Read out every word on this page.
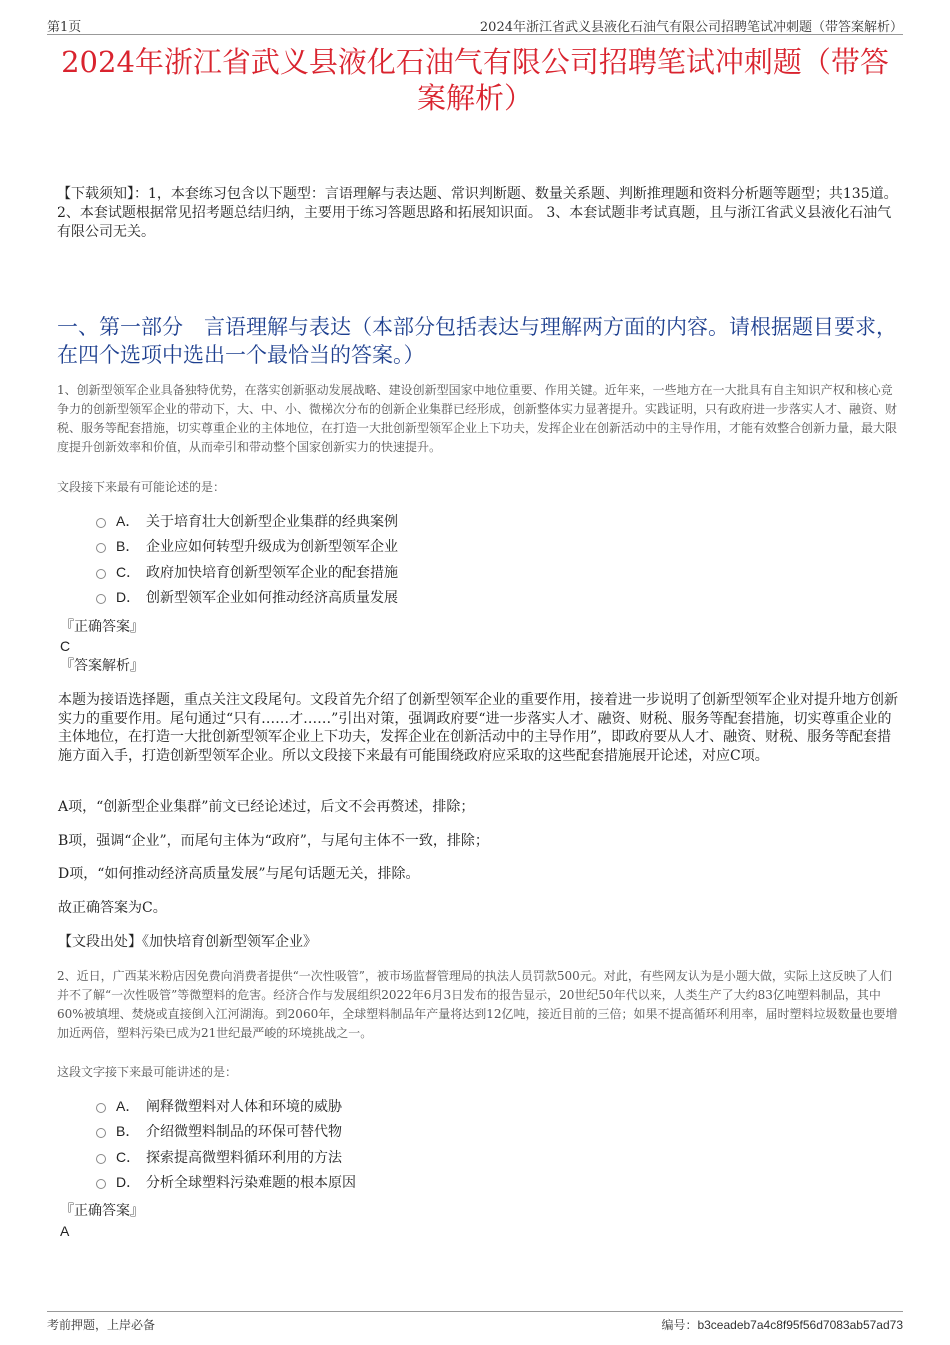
第1页	2024年浙江省武义县液化石油气有限公司招聘笔试冲刺题（带答案解析）
2024年浙江省武义县液化石油气有限公司招聘笔试冲刺题（带答案解析）
【下载须知】：1，本套练习包含以下题型：言语理解与表达题、常识判断题、数量关系题、判断推理题和资料分析题等题型；共135道。 2、本套试题根据常见招考题总结归纳，主要用于练习答题思路和拓展知识面。 3、本套试题非考试真题，且与浙江省武义县液化石油气有限公司无关。
一、第一部分　言语理解与表达（本部分包括表达与理解两方面的内容。请根据题目要求，在四个选项中选出一个最恰当的答案。）
1、创新型领军企业具备独特优势，在落实创新驱动发展战略、建设创新型国家中地位重要、作用关键。近年来，一些地方在一大批具有自主知识产权和核心竞争力的创新型领军企业的带动下，大、中、小、微梯次分布的创新企业集群已经形成，创新整体实力显著提升。实践证明，只有政府进一步落实人才、融资、财税、服务等配套措施，切实尊重企业的主体地位，在打造一大批创新型领军企业上下功夫，发挥企业在创新活动中的主导作用，才能有效整合创新力量，最大限度提升创新效率和价值，从而牵引和带动整个国家创新实力的快速提升。
文段接下来最有可能论述的是：
A． 关于培育壮大创新型企业集群的经典案例
B． 企业应如何转型升级成为创新型领军企业
C． 政府加快培育创新型领军企业的配套措施
D． 创新型领军企业如何推动经济高质量发展
『正确答案』
C
『答案解析』
本题为接语选择题，重点关注文段尾句。文段首先介绍了创新型领军企业的重要作用，接着进一步说明了创新型领军企业对提升地方创新实力的重要作用。尾句通过“只有……才……”引出对策，强调政府要“进一步落实人才、融资、财税、服务等配套措施，切实尊重企业的主体地位，在打造一大批创新型领军企业上下功夫，发挥企业在创新活动中的主导作用”，即政府要从人才、融资、财税、服务等配套措施方面入手，打造创新型领军企业。所以文段接下来最有可能围绕政府应采取的这些配套措施展开论述，对应C项。
A项，“创新型企业集群”前文已经论述过，后文不会再赘述，排除；
B项，强调“企业”，而尾句主体为“政府”，与尾句主体不一致，排除；
D项，“如何推动经济高质量发展”与尾句话题无关，排除。
故正确答案为C。
【文段出处】《加快培育创新型领军企业》
2、近日，广西某米粉店因免费向消费者提供“一次性吸管”，被市场监督管理局的执法人员罚款500元。对此，有些网友认为是小题大做，实际上这反映了人们并不了解“一次性吸管”等微塑料的危害。经济合作与发展组织2022年6月3日发布的报告显示，20世纪50年代以来，人类生产了大约83亿吨塑料制品，其中60%被填埋、焚烧或直接倒入江河湖海。到2060年，全球塑料制品年产量将达到12亿吨，接近目前的三倍；如果不提高循环利用率，届时塑料垃圾数量也要增加近两倍，塑料污染已成为21世纪最严峻的环境挑战之一。
这段文字接下来最可能讲述的是：
A． 阐释微塑料对人体和环境的威胁
B． 介绍微塑料制品的环保可替代物
C． 探索提高微塑料循环利用的方法
D． 分析全球塑料污染难题的根本原因
『正确答案』
A
考前押题，上岸必备	编号：b3ceadeb7a4c8f95f56d7083ab57ad73
